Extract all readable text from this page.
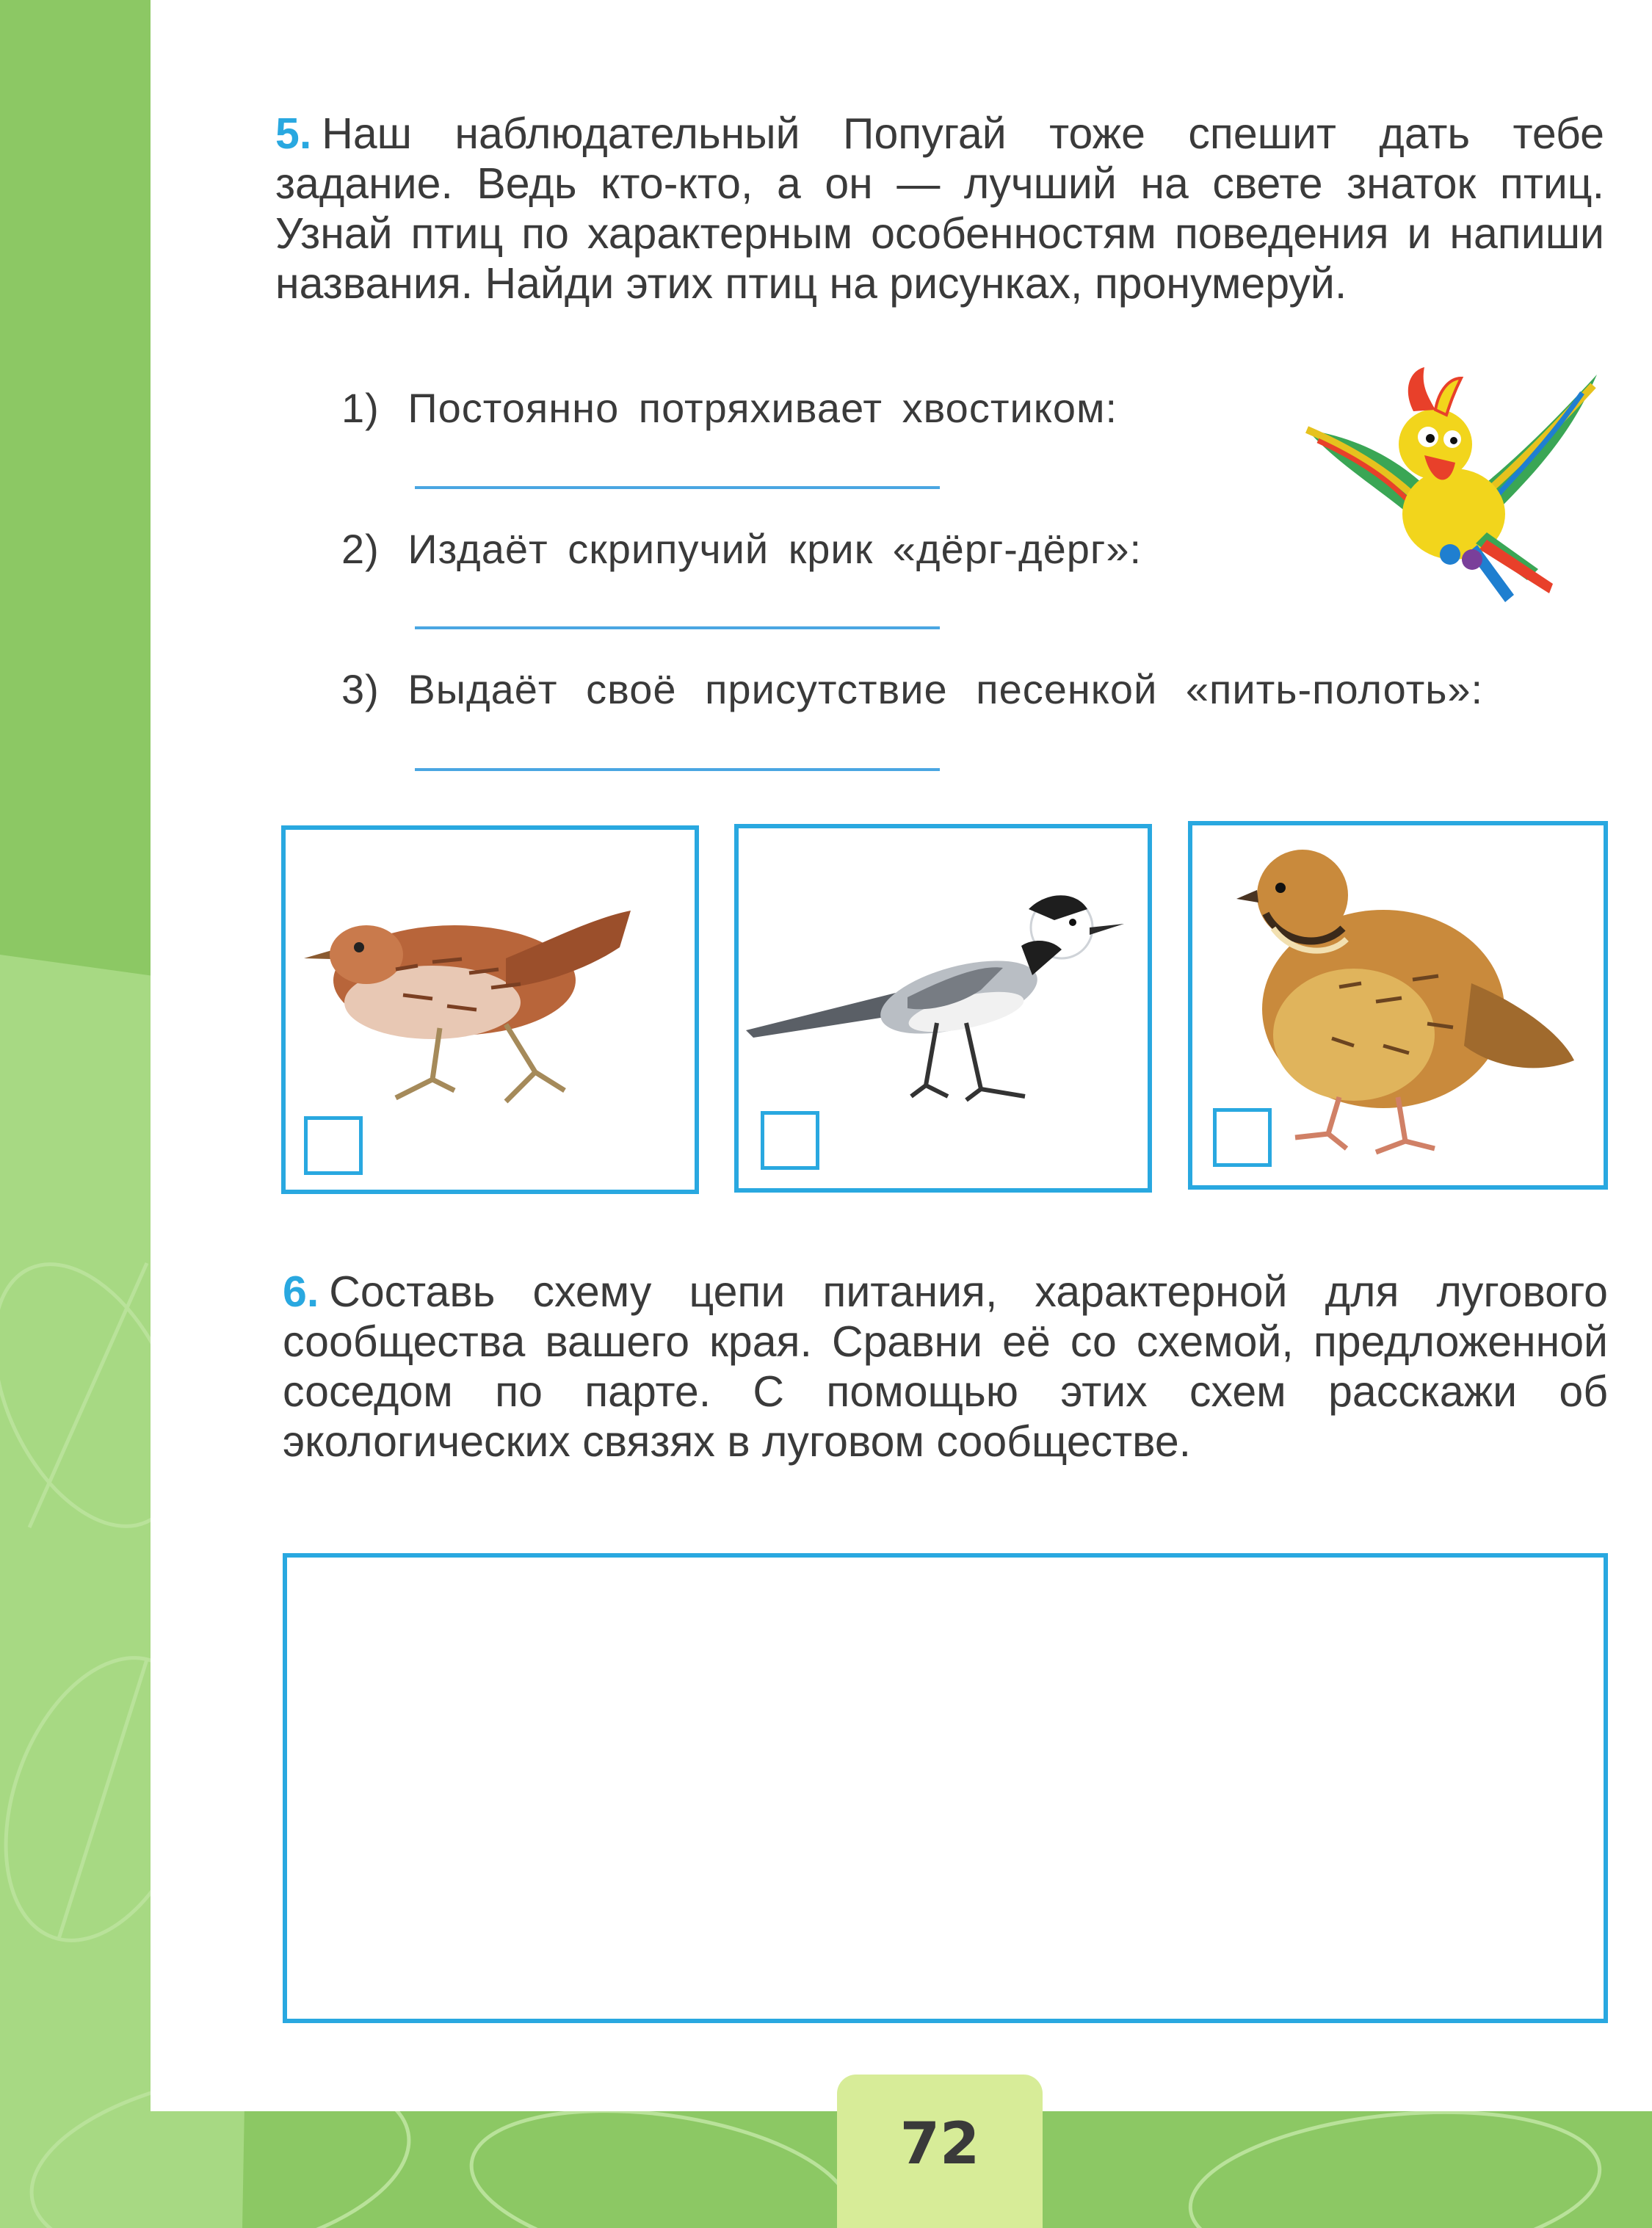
5. Наш наблюдательный Попугай тоже спешит дать тебе задание. Ведь кто-кто, а он — лучший на свете знаток птиц. Узнай птиц по характерным особенностям поведения и напиши названия. Найди этих птиц на рисунках, пронумеруй.
1) Постоянно потряхивает хвостиком:
2) Издаёт скрипучий крик «дёрг-дёрг»:
3) Выдаёт своё присутствие песенкой «пить-полоть»:
6. Составь схему цепи питания, характерной для лугового сообщества вашего края. Сравни её со схемой, предложенной соседом по парте. С помощью этих схем расскажи об экологических связях в луговом сообществе.
72
